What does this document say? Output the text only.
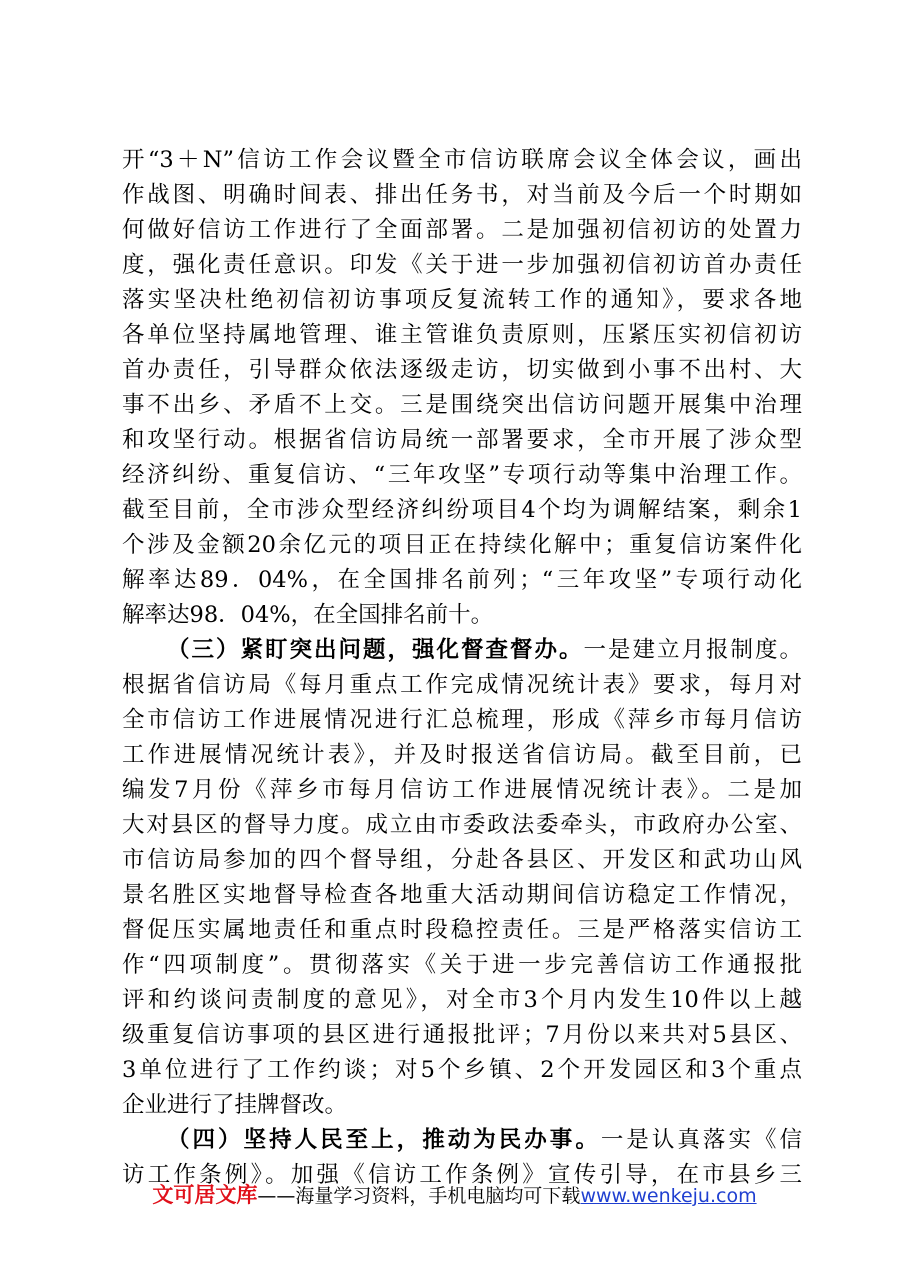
开“3＋N”信访工作会议暨全市信访联席会议全体会议，画出
作战图、明确时间表、排出任务书，对当前及今后一个时期如
何做好信访工作进行了全面部署。二是加强初信初访的处置力
度，强化责任意识。印发《关于进一步加强初信初访首办责任
落实坚决杜绝初信初访事项反复流转工作的通知》，要求各地
各单位坚持属地管理、谁主管谁负责原则，压紧压实初信初访
首办责任，引导群众依法逐级走访，切实做到小事不出村、大
事不出乡、矛盾不上交。三是围绕突出信访问题开展集中治理
和攻坚行动。根据省信访局统一部署要求，全市开展了涉众型
经济纠纷、重复信访、“三年攻坚”专项行动等集中治理工作。
截至目前，全市涉众型经济纠纷项目4个均为调解结案，剩余1
个涉及金额20余亿元的项目正在持续化解中；重复信访案件化
解率达89．04%，在全国排名前列；“三年攻坚”专项行动化
解率达98．04%，在全国排名前十。
（三）紧盯突出问题，强化督查督办。一是建立月报制度。
根据省信访局《每月重点工作完成情况统计表》要求，每月对
全市信访工作进展情况进行汇总梳理，形成《萍乡市每月信访
工作进展情况统计表》，并及时报送省信访局。截至目前，已
编发7月份《萍乡市每月信访工作进展情况统计表》。二是加
大对县区的督导力度。成立由市委政法委牵头，市政府办公室、
市信访局参加的四个督导组，分赴各县区、开发区和武功山风
景名胜区实地督导检查各地重大活动期间信访稳定工作情况，
督促压实属地责任和重点时段稳控责任。三是严格落实信访工
作“四项制度”。贯彻落实《关于进一步完善信访工作通报批
评和约谈问责制度的意见》，对全市3个月内发生10件以上越
级重复信访事项的县区进行通报批评；7月份以来共对5县区、
3单位进行了工作约谈；对5个乡镇、2个开发园区和3个重点
企业进行了挂牌督改。
（四）坚持人民至上，推动为民办事。一是认真落实《信
访工作条例》。加强《信访工作条例》宣传引导，在市县乡三
文可居文库——海量学习资料，手机电脑均可下载www.wenkeju.com
